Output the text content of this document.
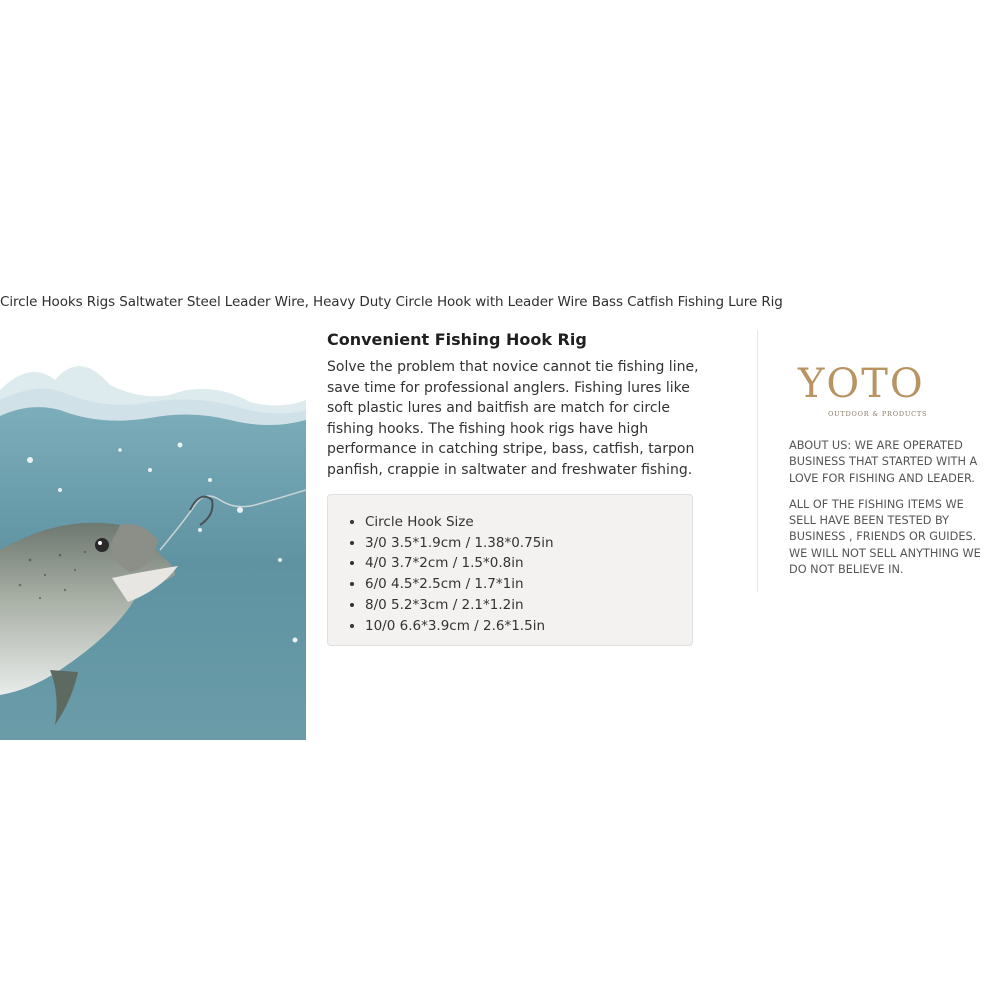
Circle Hooks Rigs Saltwater Steel Leader Wire, Heavy Duty Circle Hook with Leader Wire Bass Catfish Fishing Lure Rig
Convenient Fishing Hook Rig

Solve the problem that novice cannot tie fishing line, save time for professional anglers. Fishing lures like soft plastic lures and baitfish are match for circle fishing hooks. The fishing hook rigs have high performance in catching stripe, bass, catfish, tarpon panfish, crappie in saltwater and freshwater fishing.

• Circle Hook Size
• 3/0 3.5*1.9cm / 1.38*0.75in
• 4/0 3.7*2cm / 1.5*0.8in
• 6/0 4.5*2.5cm / 1.7*1in
• 8/0 5.2*3cm / 2.1*1.2in
• 10/0 6.6*3.9cm / 2.6*1.5in
YOTO
OUTDOOR & PRODUCTS

ABOUT US: WE ARE OPERATED BUSINESS THAT STARTED WITH A LOVE FOR FISHING AND LEADER.

ALL OF THE FISHING ITEMS WE SELL HAVE BEEN TESTED BY BUSINESS , FRIENDS OR GUIDES. WE WILL NOT SELL ANYTHING WE DO NOT BELIEVE IN.
